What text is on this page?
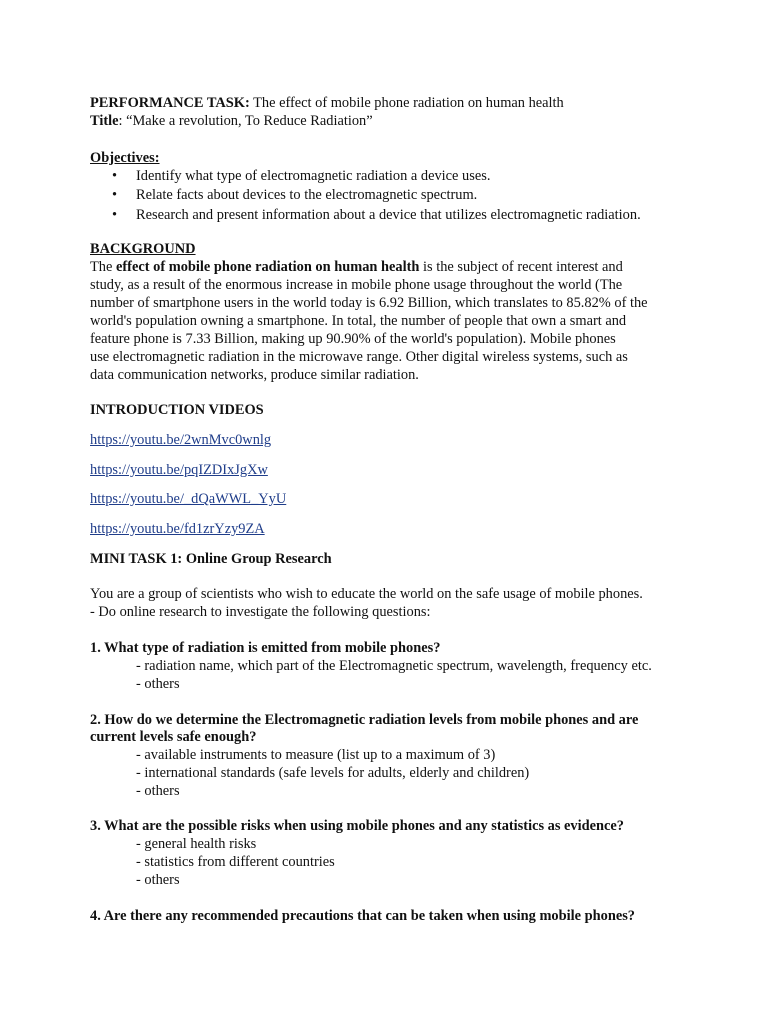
PERFORMANCE TASK: The effect of mobile phone radiation on human health
Title: “Make a revolution, To Reduce Radiation”
Objectives:
• Identify what type of electromagnetic radiation a device uses.
• Relate facts about devices to the electromagnetic spectrum.
• Research and present information about a device that utilizes electromagnetic radiation.
BACKGROUND
The effect of mobile phone radiation on human health is the subject of recent interest and
study, as a result of the enormous increase in mobile phone usage throughout the world (The
number of smartphone users in the world today is 6.92 Billion, which translates to 85.82% of the
world's population owning a smartphone. In total, the number of people that own a smart and
feature phone is 7.33 Billion, making up 90.90% of the world's population). Mobile phones
use electromagnetic radiation in the microwave range. Other digital wireless systems, such as
data communication networks, produce similar radiation.
INTRODUCTION VIDEOS
https://youtu.be/2wnMvc0wnlg
https://youtu.be/pqIZDIxJgXw
https://youtu.be/_dQaWWL_YyU
https://youtu.be/fd1zrYzy9ZA
MINI TASK 1: Online Group Research
You are a group of scientists who wish to educate the world on the safe usage of mobile phones.
- Do online research to investigate the following questions:
1. What type of radiation is emitted from mobile phones?
- radiation name, which part of the Electromagnetic spectrum, wavelength, frequency etc.
- others
2. How do we determine the Electromagnetic radiation levels from mobile phones and are
current levels safe enough?
- available instruments to measure (list up to a maximum of 3)
- international standards (safe levels for adults, elderly and children)
- others
3. What are the possible risks when using mobile phones and any statistics as evidence?
- general health risks
- statistics from different countries
- others
4. Are there any recommended precautions that can be taken when using mobile phones?
